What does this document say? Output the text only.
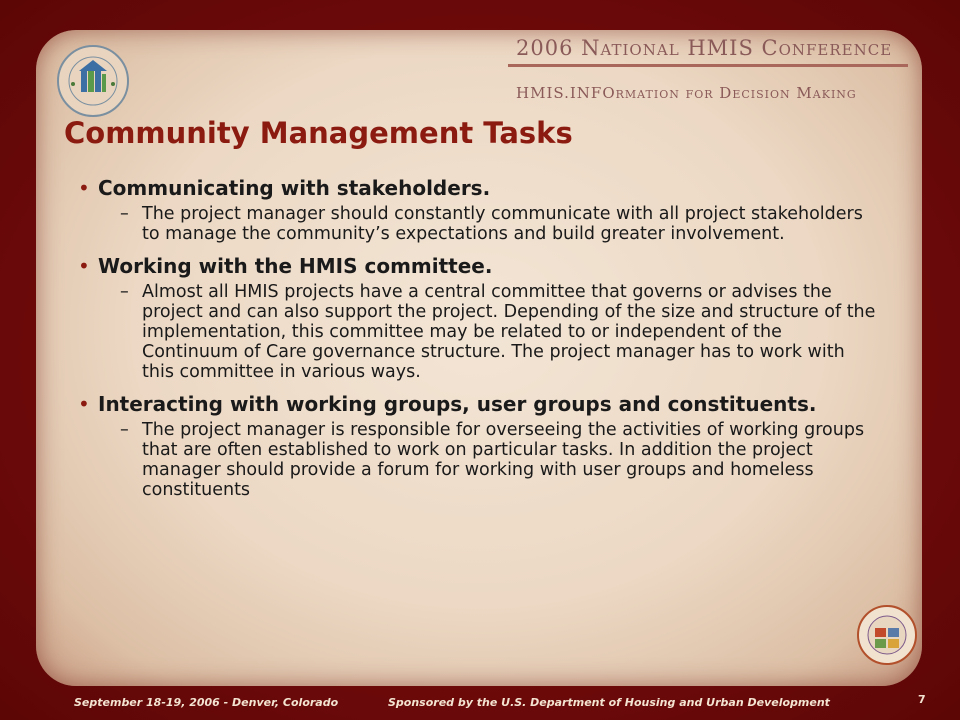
2006 National HMIS Conference
HMIS.INFOrmation for Decision Making
Community Management Tasks
• Communicating with stakeholders.
– The project manager should constantly communicate with all project stakeholders to manage the community’s expectations and build greater involvement.
• Working with the HMIS committee.
– Almost all HMIS projects have a central committee that governs or advises the project and can also support the project. Depending of the size and structure of the implementation, this committee may be related to or independent of the Continuum of Care governance structure. The project manager has to work with this committee in various ways.
• Interacting with working groups, user groups and constituents.
– The project manager is responsible for overseeing the activities of working groups that are often established to work on particular tasks. In addition the project manager should provide a forum for working with user groups and homeless constituents
September 18-19, 2006 - Denver, Colorado	Sponsored by the U.S. Department of Housing and Urban Development	7
